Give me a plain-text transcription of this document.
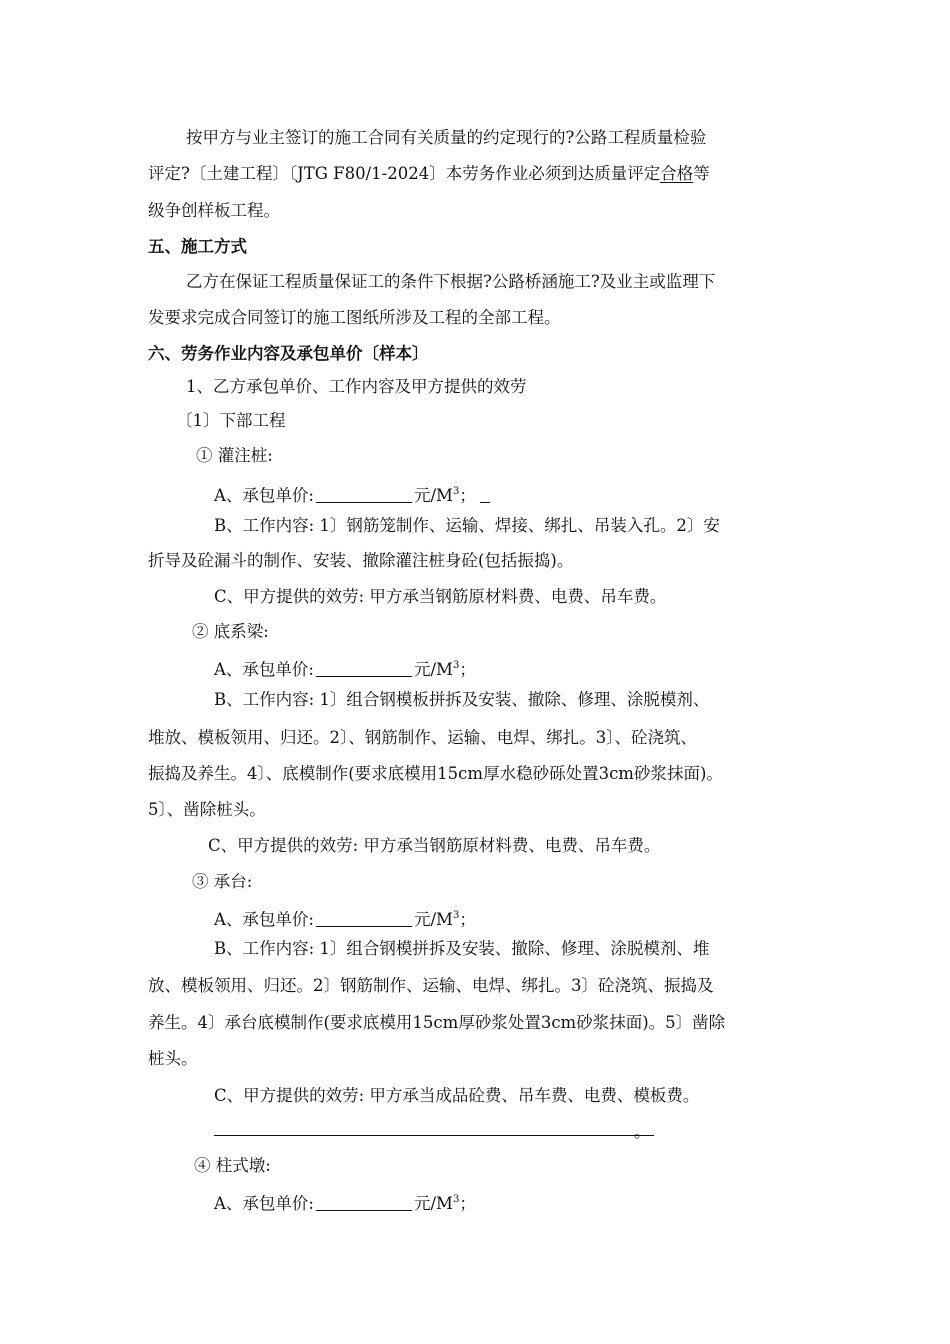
按甲方与业主签订的施工合同有关质量的约定现行的?公路工程质量检验
评定?〔土建工程〕〔JTG F80/1-2024〕本劳务作业必须到达质量评定合格等
级争创样板工程。
五、施工方式
乙方在保证工程质量保证工的条件下根据?公路桥涵施工?及业主或监理下
发要求完成合同签订的施工图纸所涉及工程的全部工程。
六、劳务作业内容及承包单价〔样本〕
1、乙方承包单价、工作内容及甲方提供的效劳
〔1〕下部工程
① 灌注桩:
A、承包单价:	元$/M^3$；
B、工作内容: 1〕钢筋笼制作、运输、焊接、绑扎、吊装入孔。2〕安
折导及砼漏斗的制作、安装、撤除灌注桩身砼(包括振捣)。
C、甲方提供的效劳: 甲方承当钢筋原材料费、电费、吊车费。
② 底系梁:
A、承包单价:	元$/M^3$；
B、工作内容: 1〕组合钢模板拼拆及安装、撤除、修理、涂脱模剂、
堆放、模板领用、归还。2〕、钢筋制作、运输、电焊、绑扎。3〕、砼浇筑、
振捣及养生。4〕、底模制作(要求底模用15cm厚水稳砂砾处置3cm砂浆抹面)。
5〕、凿除桩头。
C、甲方提供的效劳: 甲方承当钢筋原材料费、电费、吊车费。
③ 承台:
A、承包单价:	元$/M^3$；
B、工作内容: 1〕组合钢模拼拆及安装、撤除、修理、涂脱模剂、堆
放、模板领用、归还。2〕钢筋制作、运输、电焊、绑扎。3〕砼浇筑、振捣及
养生。4〕承台底模制作(要求底模用15cm厚砂浆处置3cm砂浆抹面)。5〕凿除
桩头。
C、甲方提供的效劳: 甲方承当成品砼费、吊车费、电费、模板费。
。
④ 柱式墩:
A、承包单价:	元$/M^3$；
